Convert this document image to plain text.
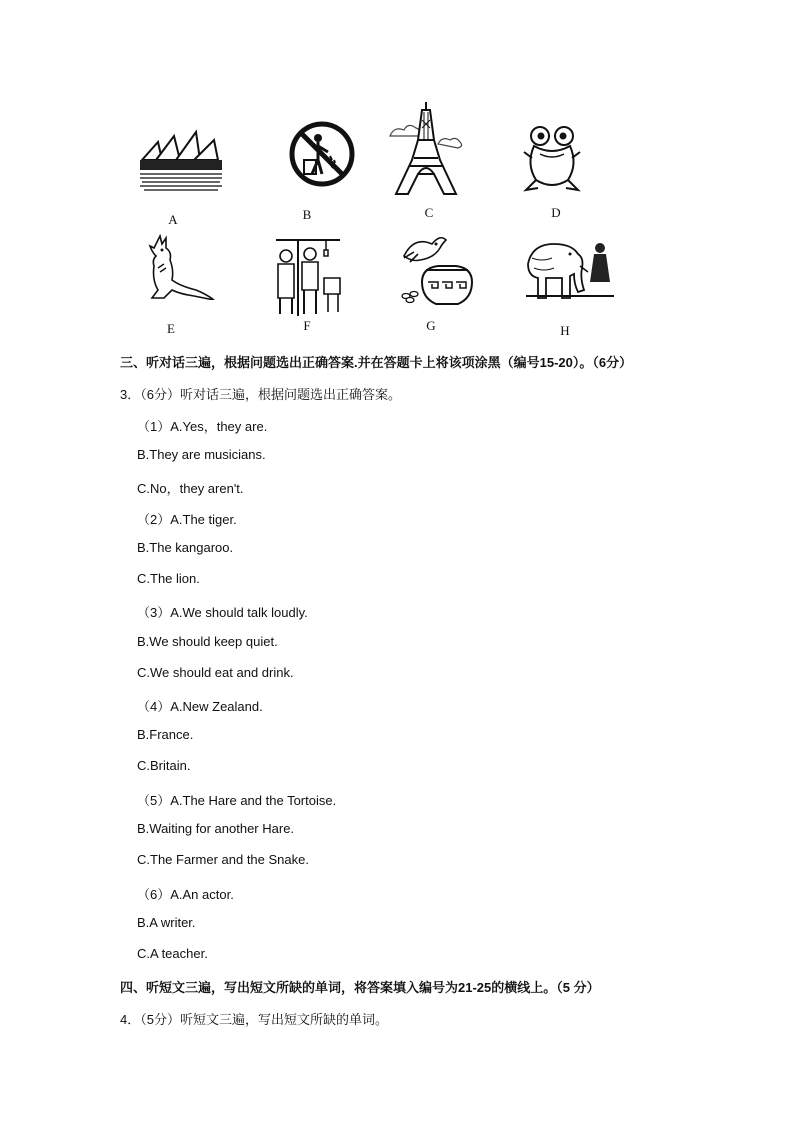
A	B	C	D
E	F	G	H
三、听对话三遍，根据问题选出正确答案.并在答题卡上将该项涂黑（编号15-20）。（6分）
3．（6分）听对话三遍，根据问题选出正确答案。
（1）A.Yes，they are.
B.They are musicians.
C.No，they aren't.
（2）A.The tiger.
B.The kangaroo.
C.The lion.
（3）A.We should talk loudly.
B.We should keep quiet.
C.We should eat and drink.
（4）A.New Zealand.
B.France.
C.Britain.
（5）A.The Hare and the Tortoise.
B.Waiting for another Hare.
C.The Farmer and the Snake.
（6）A.An actor.
B.A writer.
C.A teacher.
四、听短文三遍，写出短文所缺的单词，将答案填入编号为21-25的横线上。（5 分）
4．（5分）听短文三遍，写出短文所缺的单词。
